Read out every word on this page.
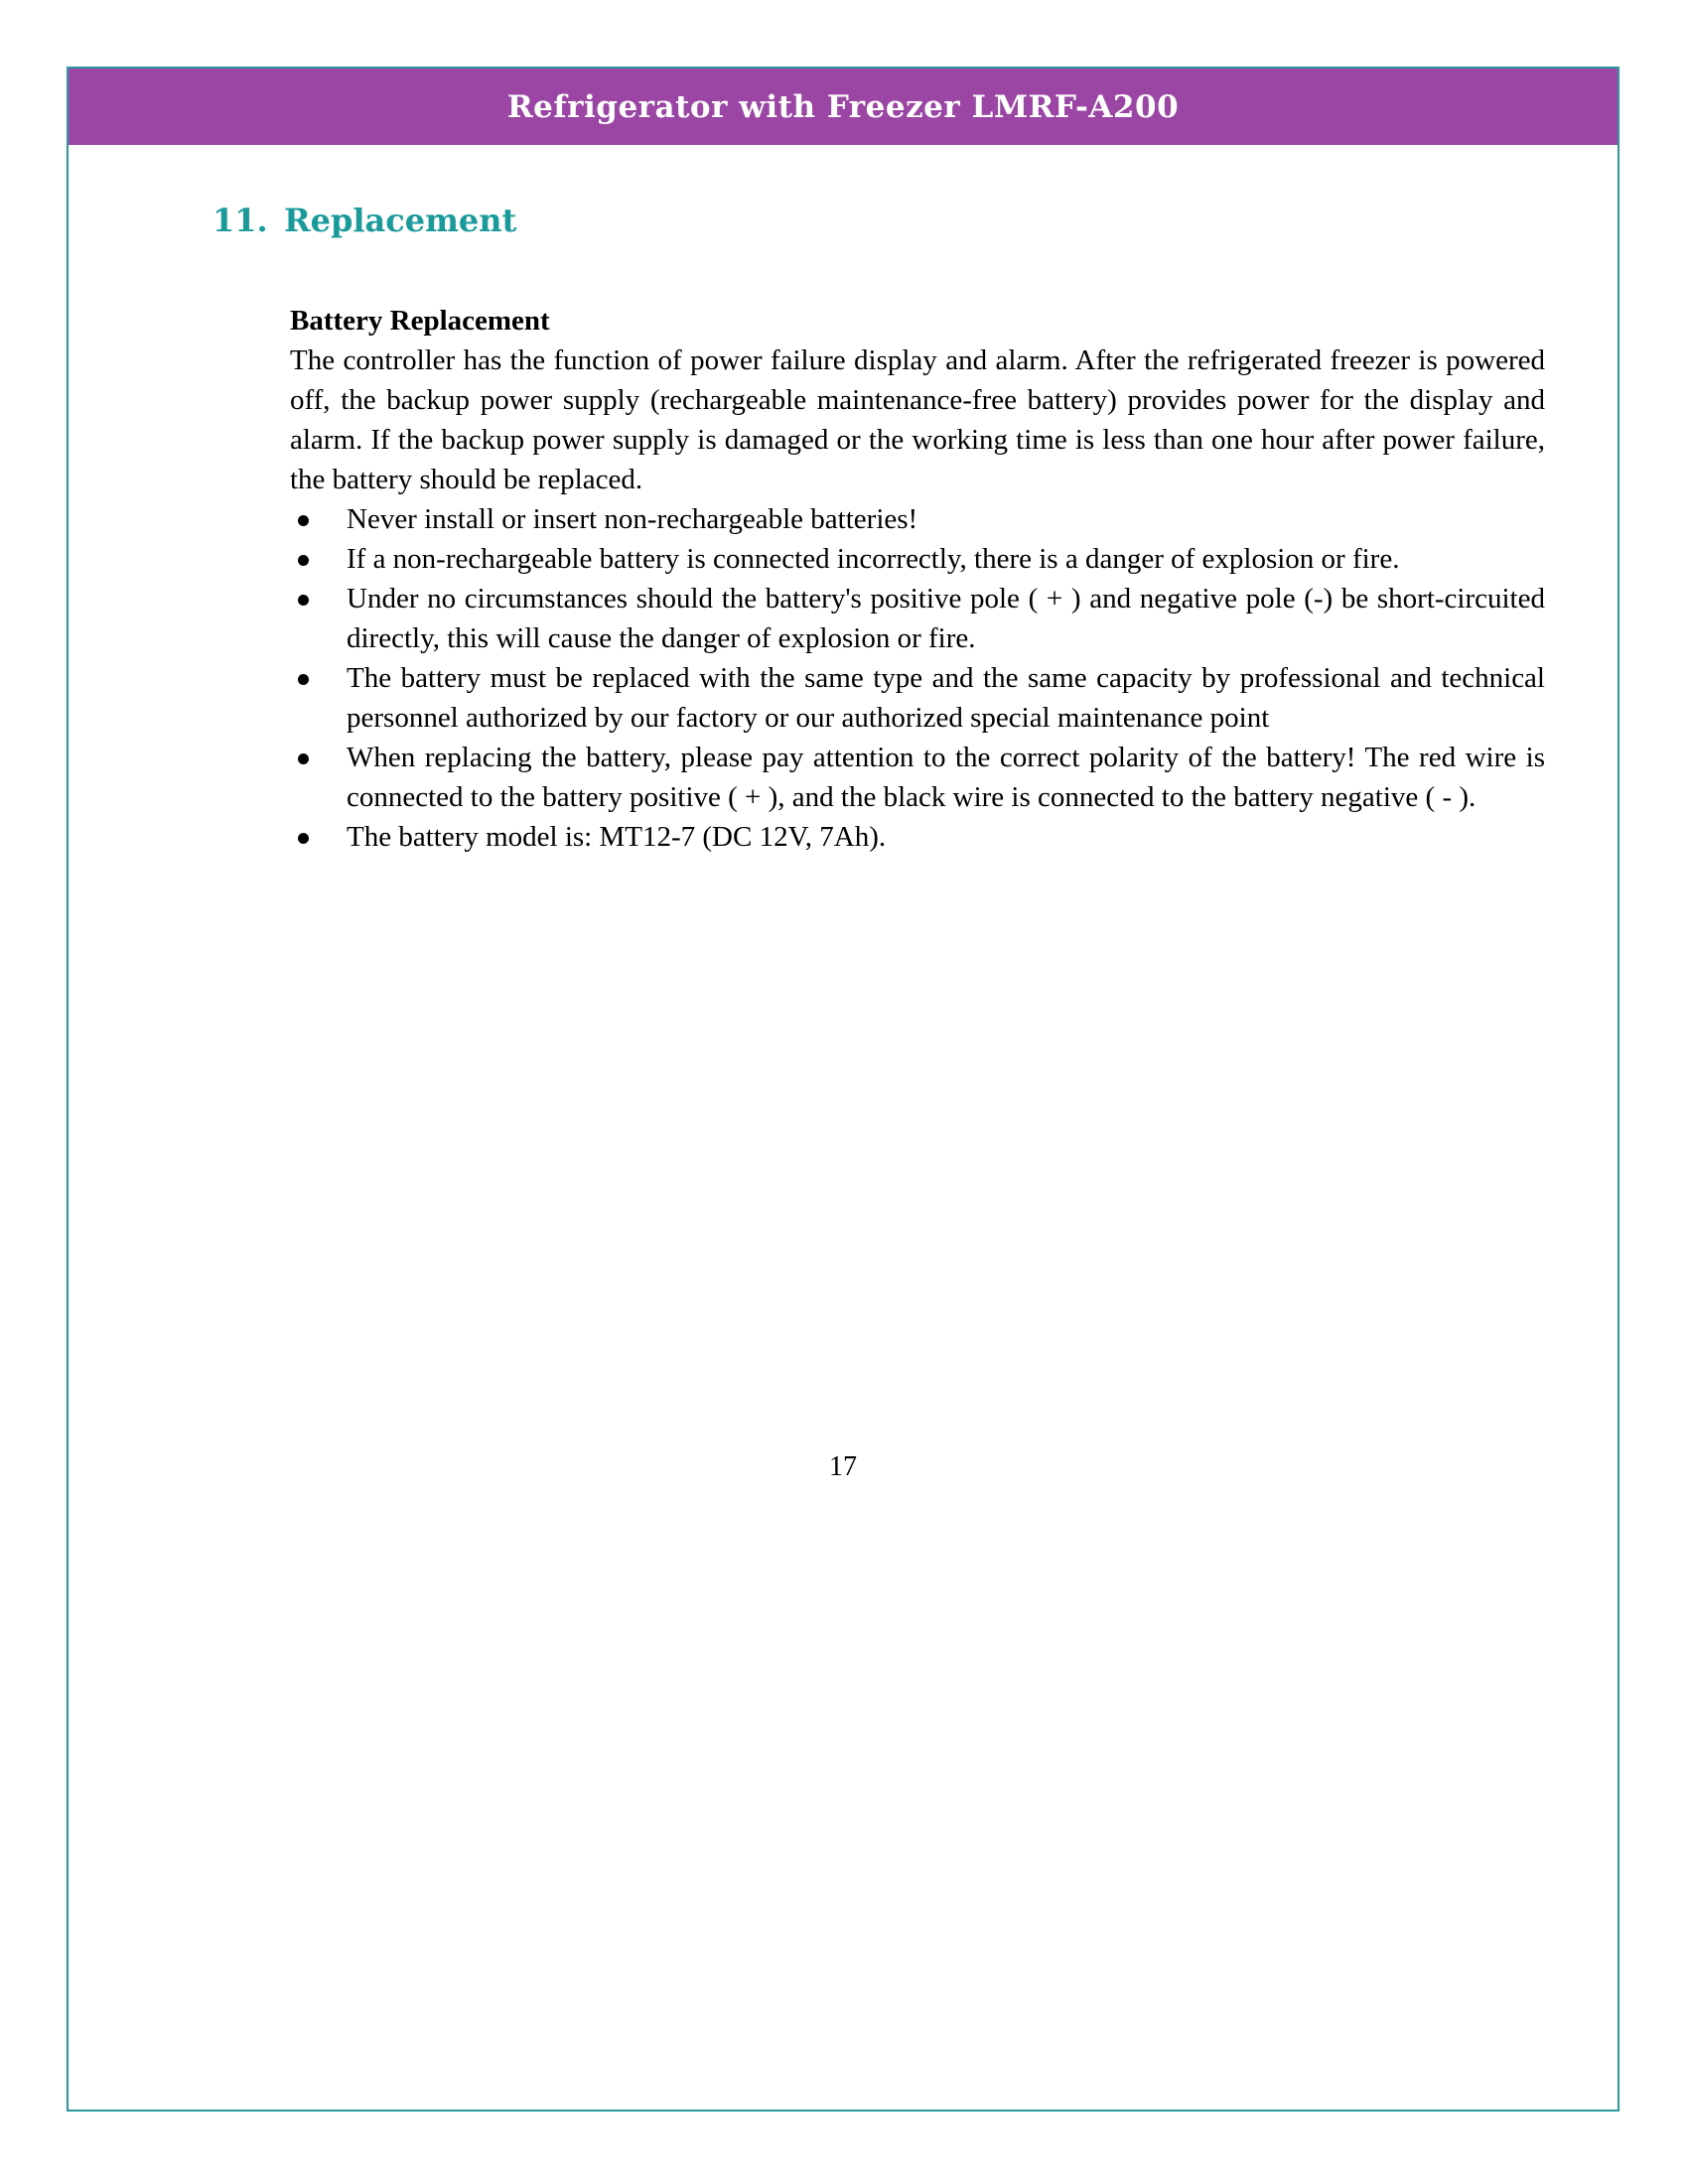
Refrigerator with Freezer LMRF-A200
11. Replacement

Battery Replacement

The controller has the function of power failure display and alarm. After the refrigerated freezer is powered off, the backup power supply (rechargeable maintenance-free battery) provides power for the display and alarm. If the backup power supply is damaged or the working time is less than one hour after power failure, the battery should be replaced.

Never install or insert non-rechargeable batteries!
If a non-rechargeable battery is connected incorrectly, there is a danger of explosion or fire.
Under no circumstances should the battery's positive pole ( + ) and negative pole (-) be short-circuited directly, this will cause the danger of explosion or fire.
The battery must be replaced with the same type and the same capacity by professional and technical personnel authorized by our factory or our authorized special maintenance point
When replacing the battery, please pay attention to the correct polarity of the battery! The red wire is connected to the battery positive ( + ), and the black wire is connected to the battery negative ( - ).
The battery model is: MT12-7 (DC 12V, 7Ah).
17
